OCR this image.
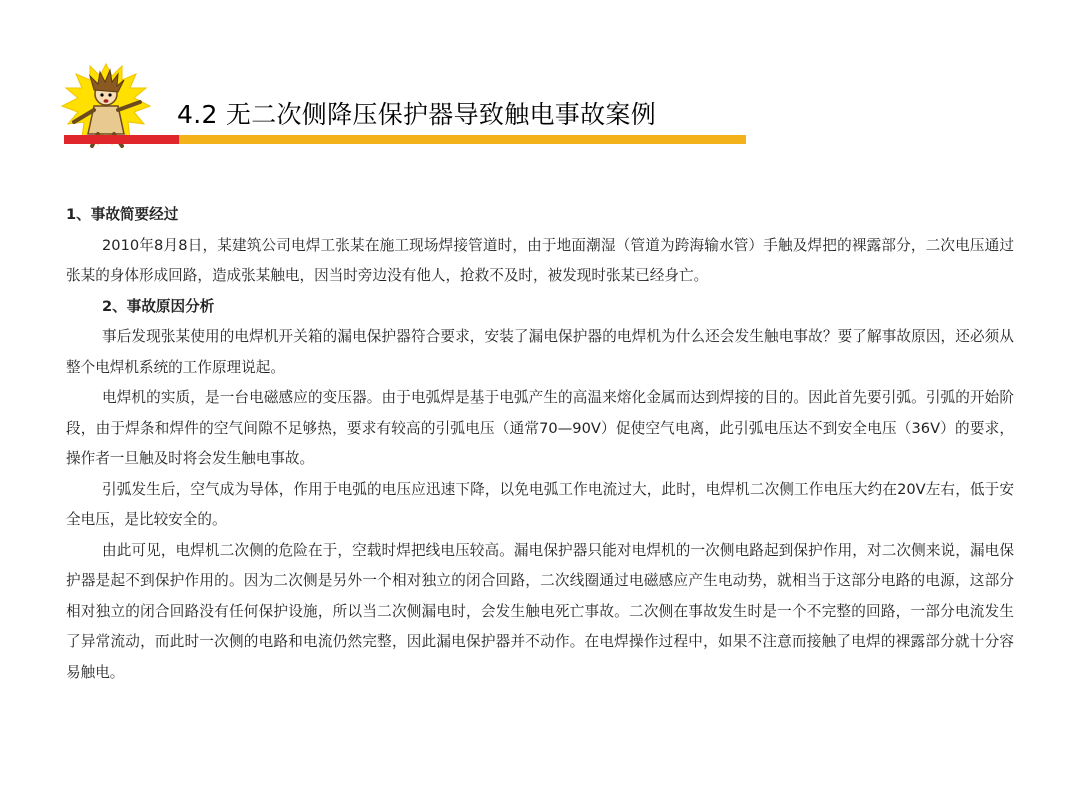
4.2 无二次侧降压保护器导致触电事故案例

1、事故简要经过

2010年8月8日，某建筑公司电焊工张某在施工现场焊接管道时，由于地面潮湿（管道为跨海输水管）手触及焊把的裸露部分，二次电压通过张某的身体形成回路，造成张某触电，因当时旁边没有他人，抢救不及时，被发现时张某已经身亡。

2、事故原因分析

事后发现张某使用的电焊机开关箱的漏电保护器符合要求，安装了漏电保护器的电焊机为什么还会发生触电事故？要了解事故原因，还必须从整个电焊机系统的工作原理说起。

电焊机的实质，是一台电磁感应的变压器。由于电弧焊是基于电弧产生的高温来熔化金属而达到焊接的目的。因此首先要引弧。引弧的开始阶段，由于焊条和焊件的空气间隙不足够热，要求有较高的引弧电压（通常70—90V）促使空气电离，此引弧电压达不到安全电压（36V）的要求，操作者一旦触及时将会发生触电事故。

引弧发生后，空气成为导体，作用于电弧的电压应迅速下降，以免电弧工作电流过大，此时，电焊机二次侧工作电压大约在20V左右，低于安全电压，是比较安全的。

由此可见，电焊机二次侧的危险在于，空载时焊把线电压较高。漏电保护器只能对电焊机的一次侧电路起到保护作用，对二次侧来说，漏电保护器是起不到保护作用的。因为二次侧是另外一个相对独立的闭合回路，二次线圈通过电磁感应产生电动势，就相当于这部分电路的电源，这部分相对独立的闭合回路没有任何保护设施，所以当二次侧漏电时，会发生触电死亡事故。二次侧在事故发生时是一个不完整的回路，一部分电流发生了异常流动，而此时一次侧的电路和电流仍然完整，因此漏电保护器并不动作。在电焊操作过程中，如果不注意而接触了电焊的裸露部分就十分容易触电。
